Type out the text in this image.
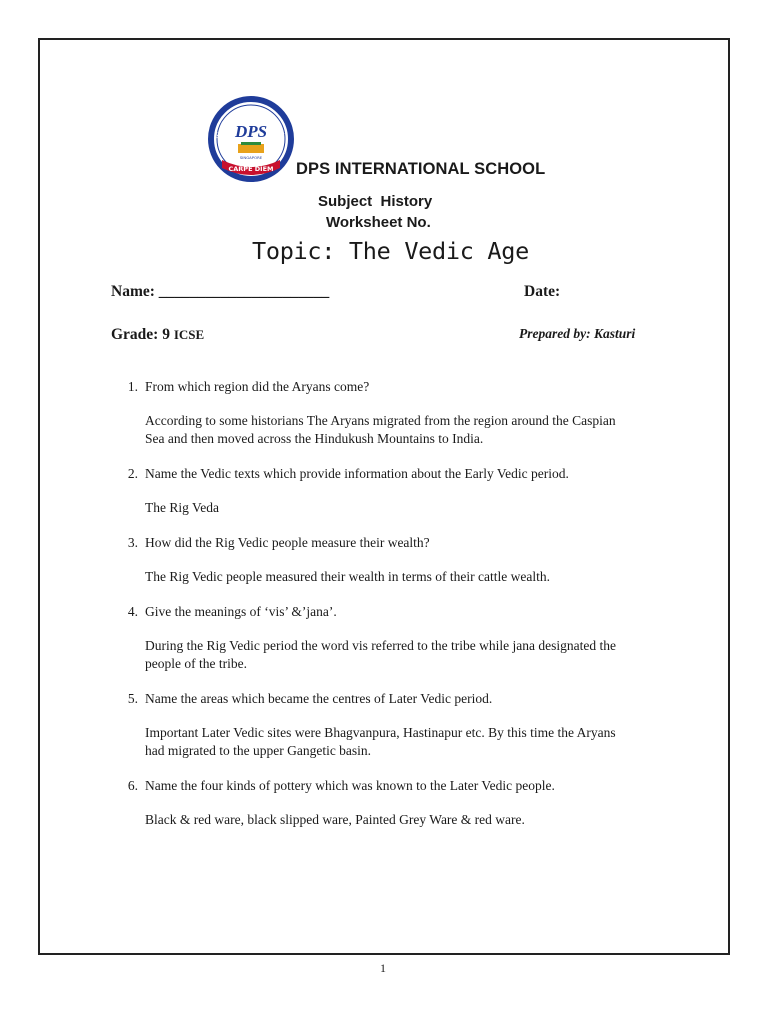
We do not teach, we educate
DPS
SINGAPORE
CARPE DIEM DPS INTERNATIONAL SCHOOL
Subject  History
Worksheet No.
Topic: The Vedic Age
Name: ______________________	Date:
Grade: 9 ICSE	Prepared by: Kasturi
1. From which region did the Aryans come?

According to some historians The Aryans migrated from the region around the Caspian Sea and then moved across the Hindukush Mountains to India.

2. Name the Vedic texts which provide information about the Early Vedic period.

The Rig Veda

3. How did the Rig Vedic people measure their wealth?

The Rig Vedic people measured their wealth in terms of their cattle wealth.

4. Give the meanings of ‘vis’ &’jana’.

During the Rig Vedic period the word vis referred to the tribe while jana designated the people of the tribe.

5. Name the areas which became the centres of Later Vedic period.

Important Later Vedic sites were Bhagvanpura, Hastinapur etc. By this time the Aryans had migrated to the upper Gangetic basin.

6. Name the four kinds of pottery which was known to the Later Vedic people.

Black & red ware, black slipped ware, Painted Grey Ware & red ware.

1
